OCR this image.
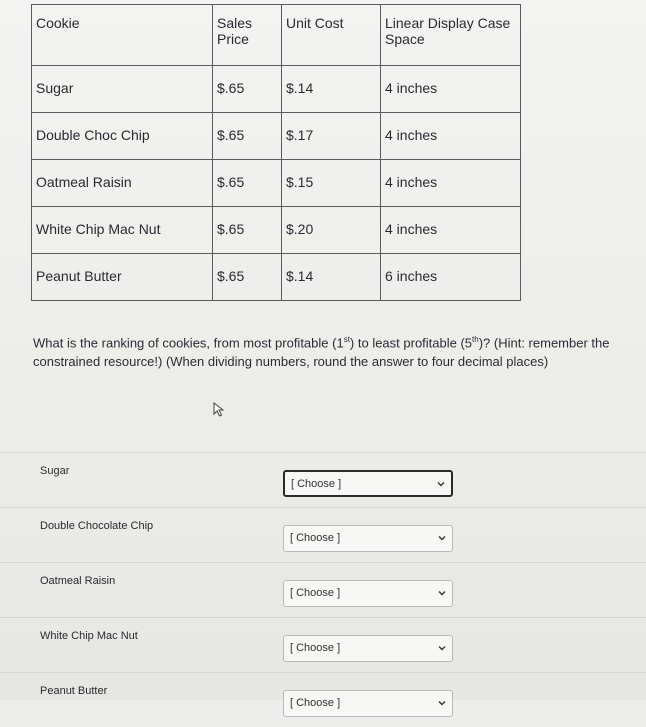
Cookie	Sales Price	Unit Cost	Linear Display Case Space
Sugar	$.65	$.14	4 inches
Double Choc Chip	$.65	$.17	4 inches
Oatmeal Raisin	$.65	$.15	4 inches
White Chip Mac Nut	$.65	$.20	4 inches
Peanut Butter	$.65	$.14	6 inches
What is the ranking of cookies, from most profitable (1st) to least profitable (5th)? (Hint: remember the constrained resource!) (When dividing numbers, round the answer to four decimal places)
Sugar
[ Choose ]
Double Chocolate Chip
[ Choose ]
Oatmeal Raisin
[ Choose ]
White Chip Mac Nut
[ Choose ]
Peanut Butter
[ Choose ]
